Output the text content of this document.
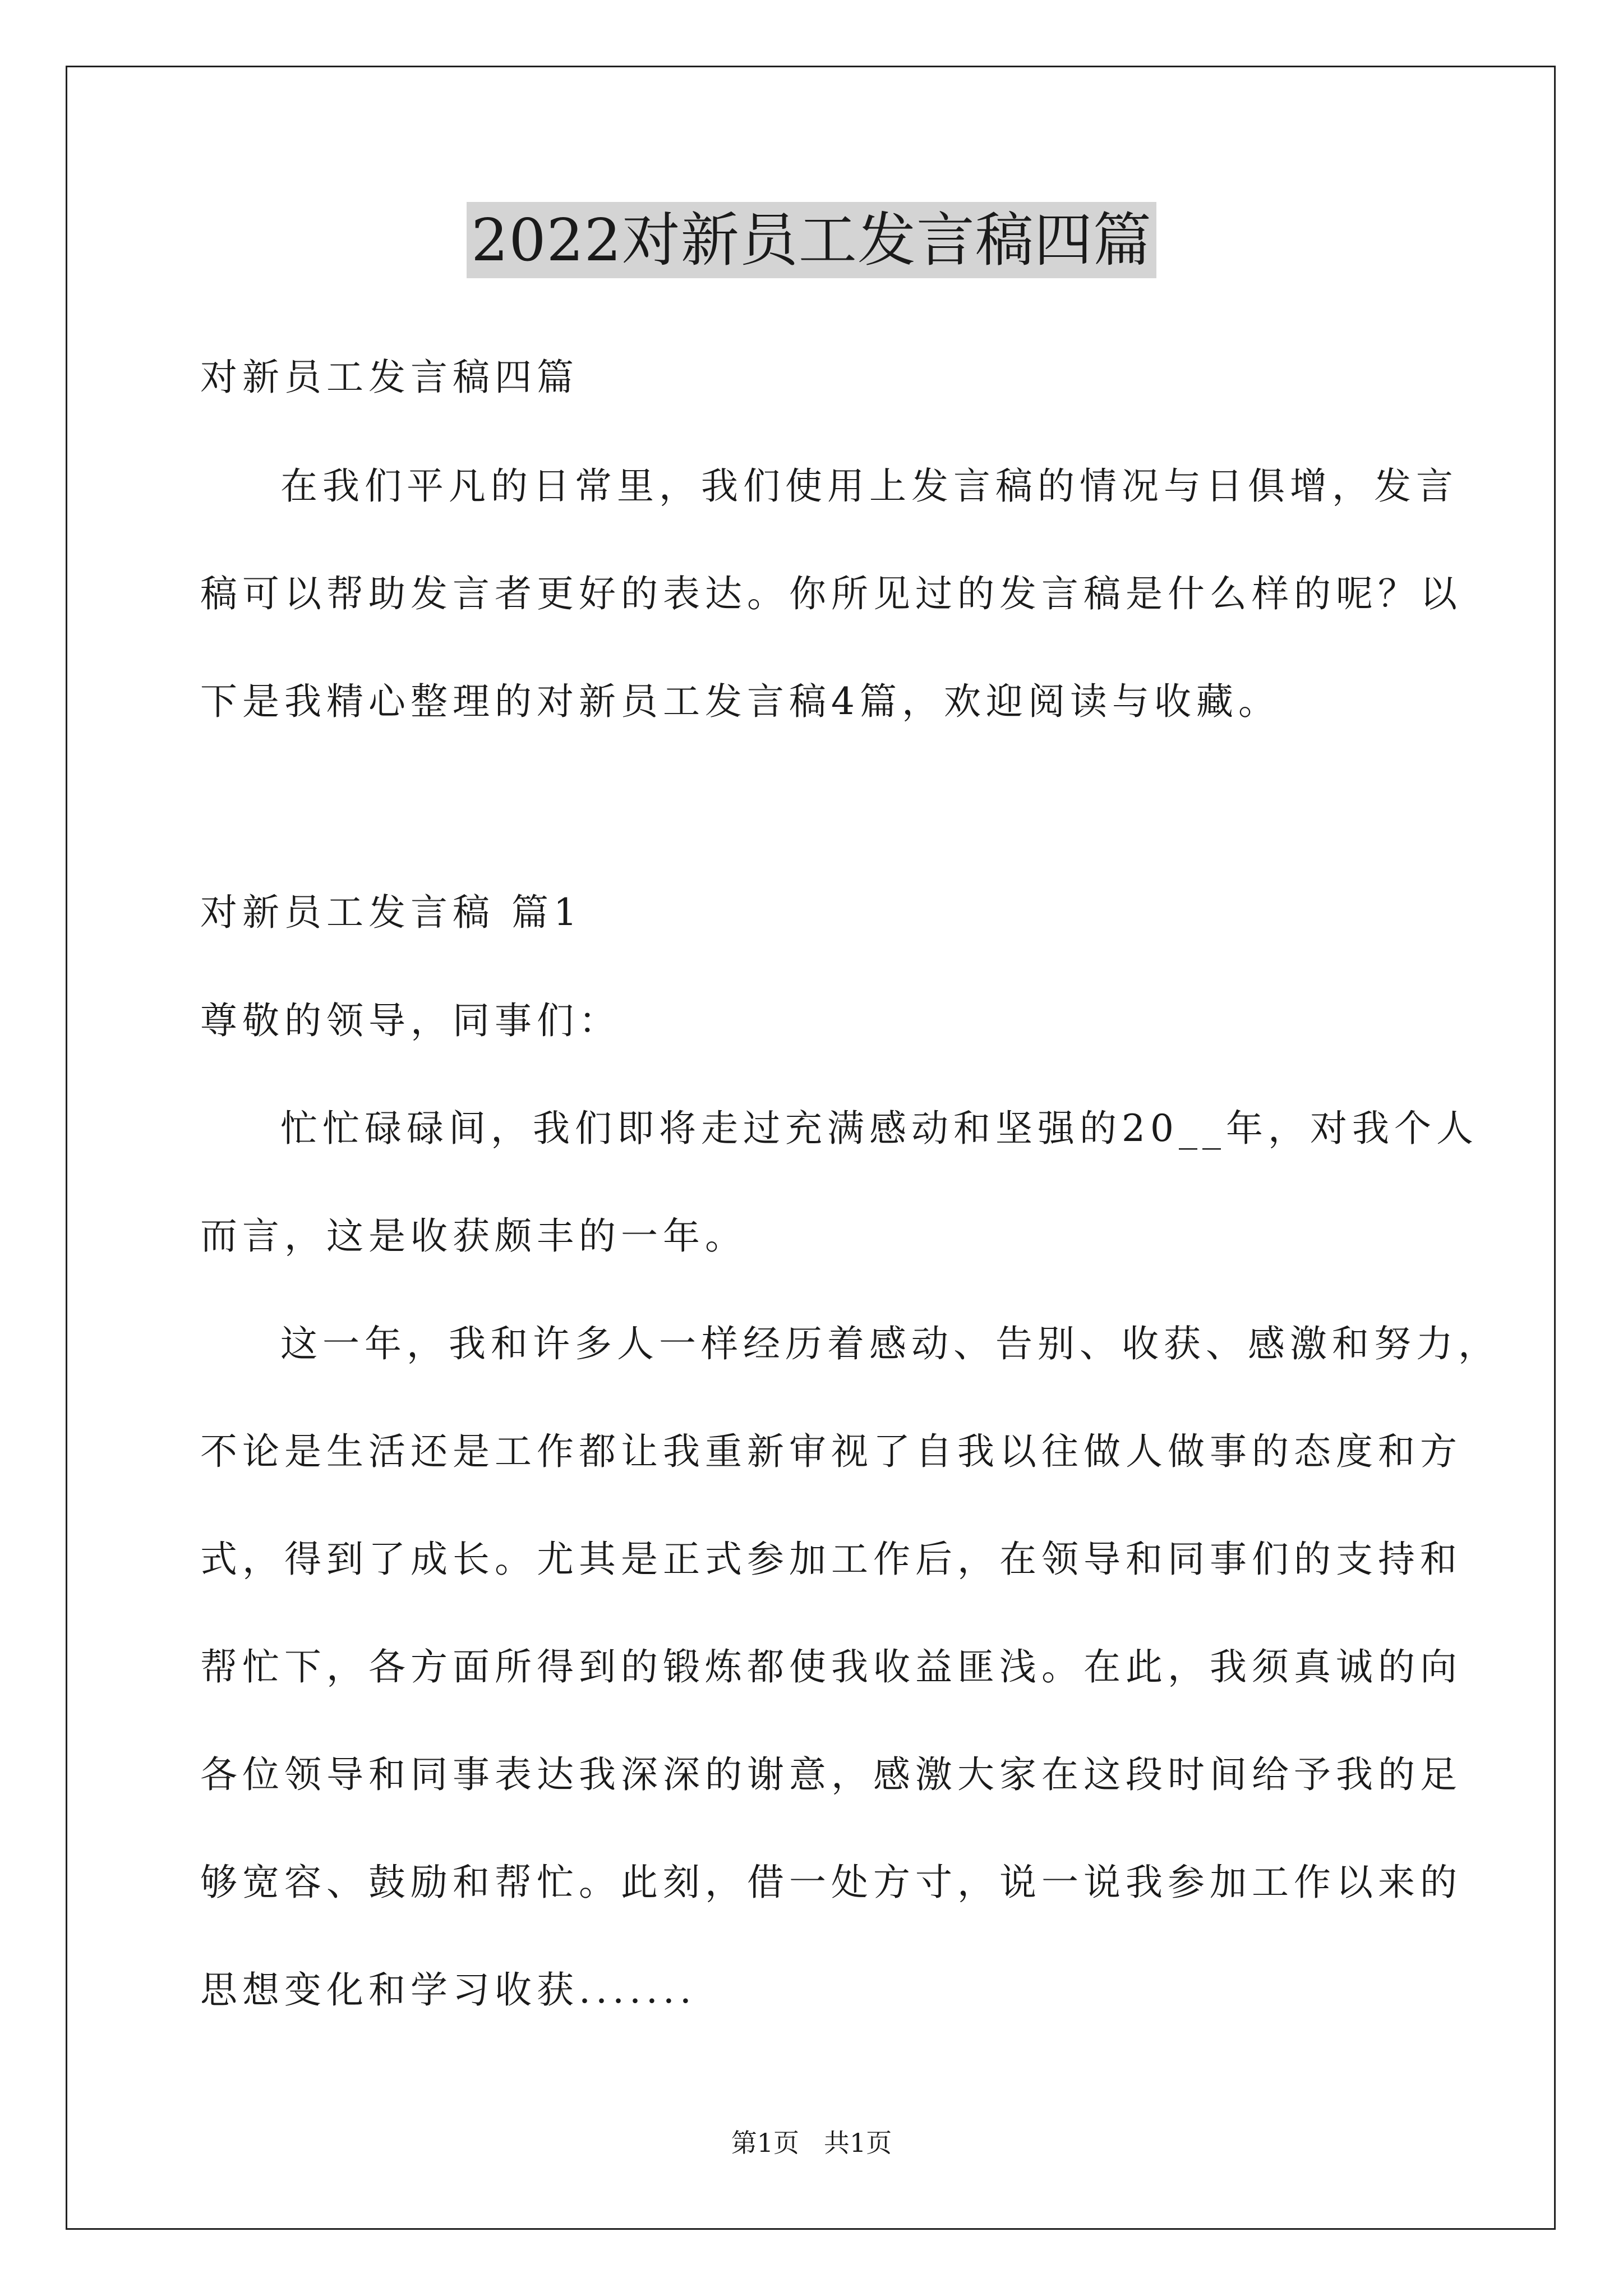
2022对新员工发言稿四篇
对新员工发言稿四篇
在我们平凡的日常里，我们使用上发言稿的情况与日俱增，发言
稿可以帮助发言者更好的表达。你所见过的发言稿是什么样的呢？以
下是我精心整理的对新员工发言稿4篇，欢迎阅读与收藏。
对新员工发言稿 篇1
尊敬的领导，同事们：
忙忙碌碌间，我们即将走过充满感动和坚强的20__年，对我个人
而言，这是收获颇丰的一年。
这一年，我和许多人一样经历着感动、告别、收获、感激和努力，
不论是生活还是工作都让我重新审视了自我以往做人做事的态度和方
式，得到了成长。尤其是正式参加工作后，在领导和同事们的支持和
帮忙下，各方面所得到的锻炼都使我收益匪浅。在此，我须真诚的向
各位领导和同事表达我深深的谢意，感激大家在这段时间给予我的足
够宽容、鼓励和帮忙。此刻，借一处方寸，说一说我参加工作以来的
思想变化和学习收获.......
第1页 共1页
